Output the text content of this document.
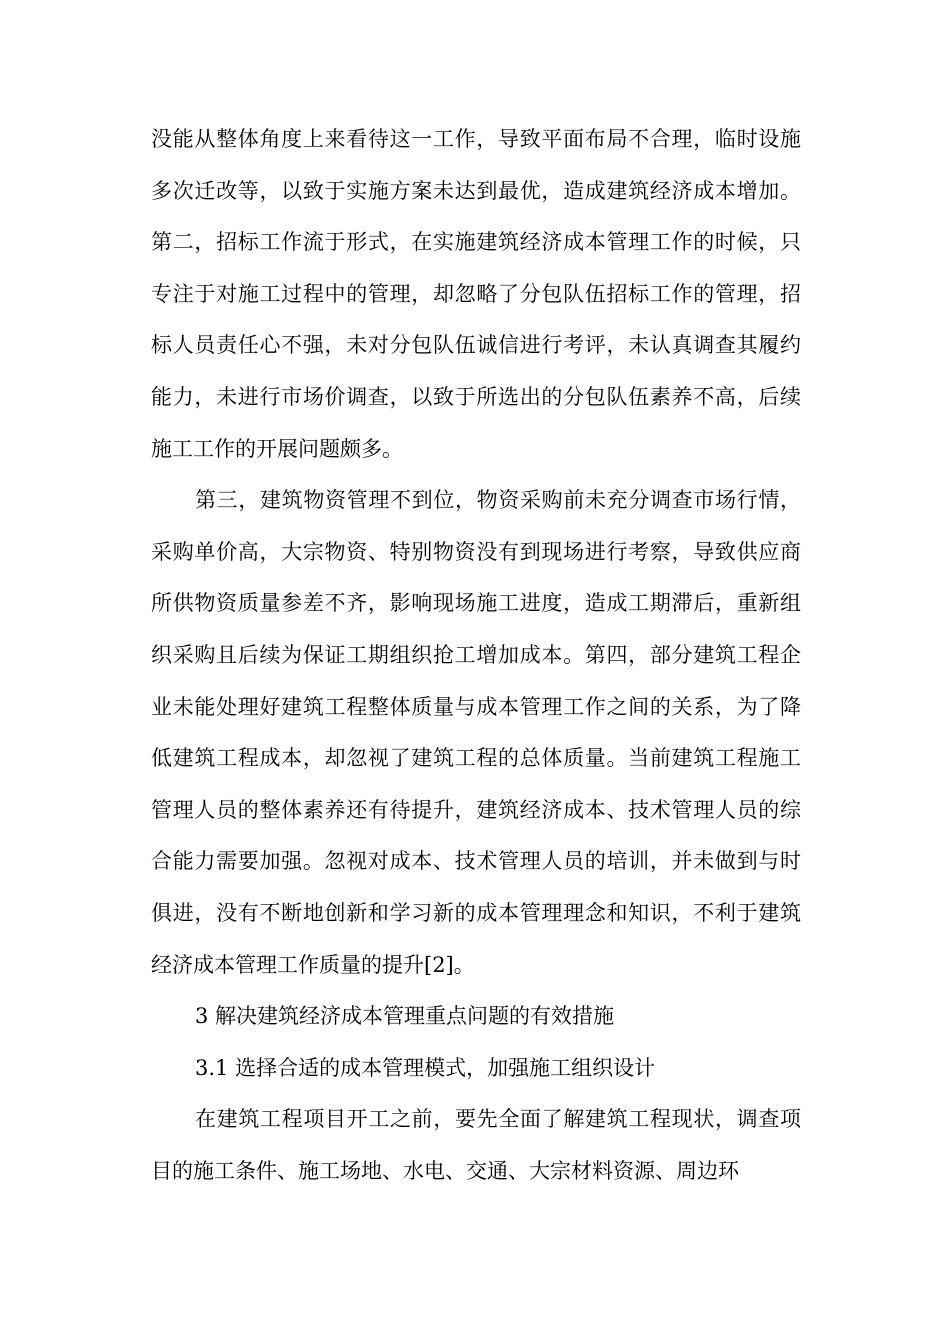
没能从整体角度上来看待这一工作，导致平面布局不合理，临时设施多次迁改等，以致于实施方案未达到最优，造成建筑经济成本增加。第二，招标工作流于形式，在实施建筑经济成本管理工作的时候，只专注于对施工过程中的管理，却忽略了分包队伍招标工作的管理，招标人员责任心不强，未对分包队伍诚信进行考评，未认真调查其履约能力，未进行市场价调查，以致于所选出的分包队伍素养不高，后续施工工作的开展问题颇多。

第三，建筑物资管理不到位，物资采购前未充分调查市场行情，采购单价高，大宗物资、特别物资没有到现场进行考察，导致供应商所供物资质量参差不齐，影响现场施工进度，造成工期滞后，重新组织采购且后续为保证工期组织抢工增加成本。第四，部分建筑工程企业未能处理好建筑工程整体质量与成本管理工作之间的关系，为了降低建筑工程成本，却忽视了建筑工程的总体质量。当前建筑工程施工管理人员的整体素养还有待提升，建筑经济成本、技术管理人员的综合能力需要加强。忽视对成本、技术管理人员的培训，并未做到与时俱进，没有不断地创新和学习新的成本管理理念和知识，不利于建筑经济成本管理工作质量的提升[2]。

3 解决建筑经济成本管理重点问题的有效措施

3.1 选择合适的成本管理模式，加强施工组织设计

在建筑工程项目开工之前，要先全面了解建筑工程现状，调查项目的施工条件、施工场地、水电、交通、大宗材料资源、周边环
